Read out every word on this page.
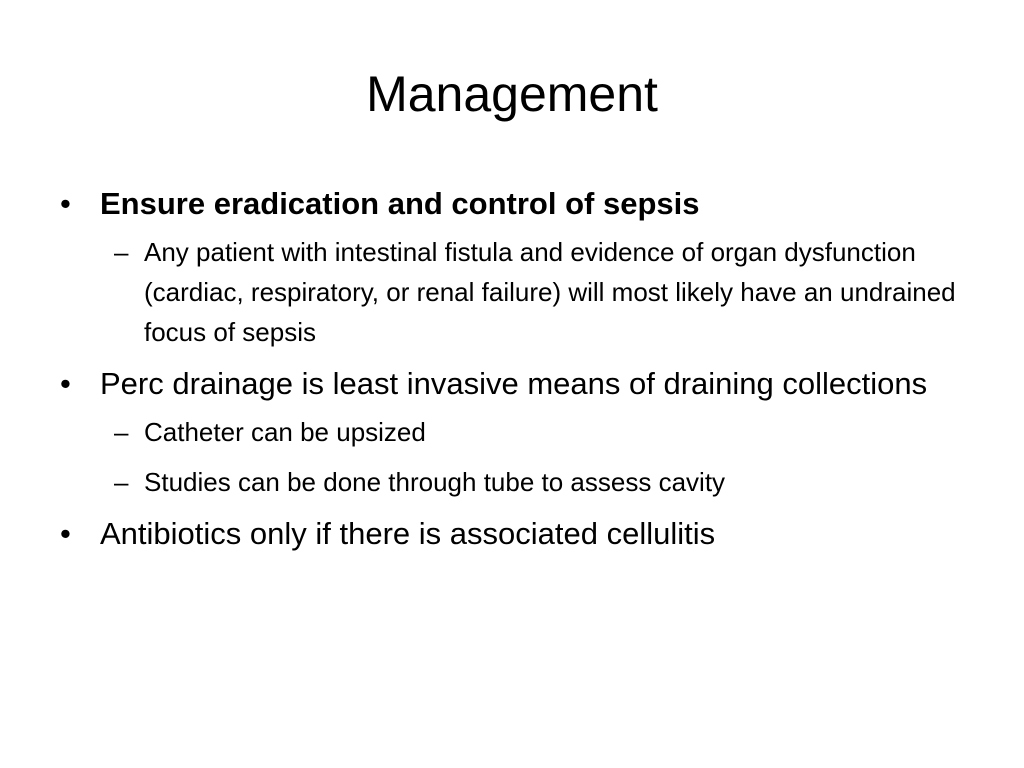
Management
• Ensure eradication and control of sepsis
– Any patient with intestinal fistula and evidence of organ dysfunction (cardiac, respiratory, or renal failure) will most likely have an undrained focus of sepsis
• Perc drainage is least invasive means of draining collections
– Catheter can be upsized
– Studies can be done through tube to assess cavity
• Antibiotics only if there is associated cellulitis
